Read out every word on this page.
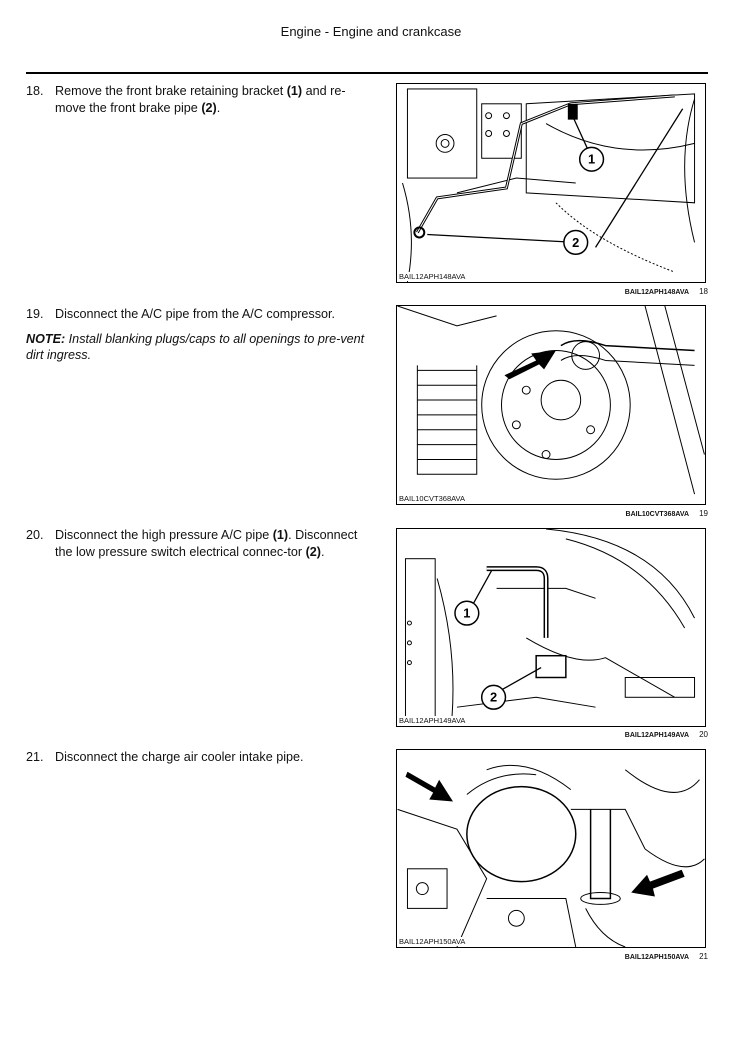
Engine - Engine and crankcase
18. Remove the front brake retaining bracket (1) and re-move the front brake pipe (2).
1
2
BAIL12APH148AVA
BAIL12APH148AVA 18
19. Disconnect the A/C pipe from the A/C compressor.
NOTE: Install blanking plugs/caps to all openings to pre-vent dirt ingress.
BAIL10CVT368AVA
BAIL10CVT368AVA 19
20. Disconnect the high pressure A/C pipe (1). Disconnect the low pressure switch electrical connec-tor (2).
1
2
BAIL12APH149AVA
BAIL12APH149AVA 20
21. Disconnect the charge air cooler intake pipe.
BAIL12APH150AVA
BAIL12APH150AVA 21
